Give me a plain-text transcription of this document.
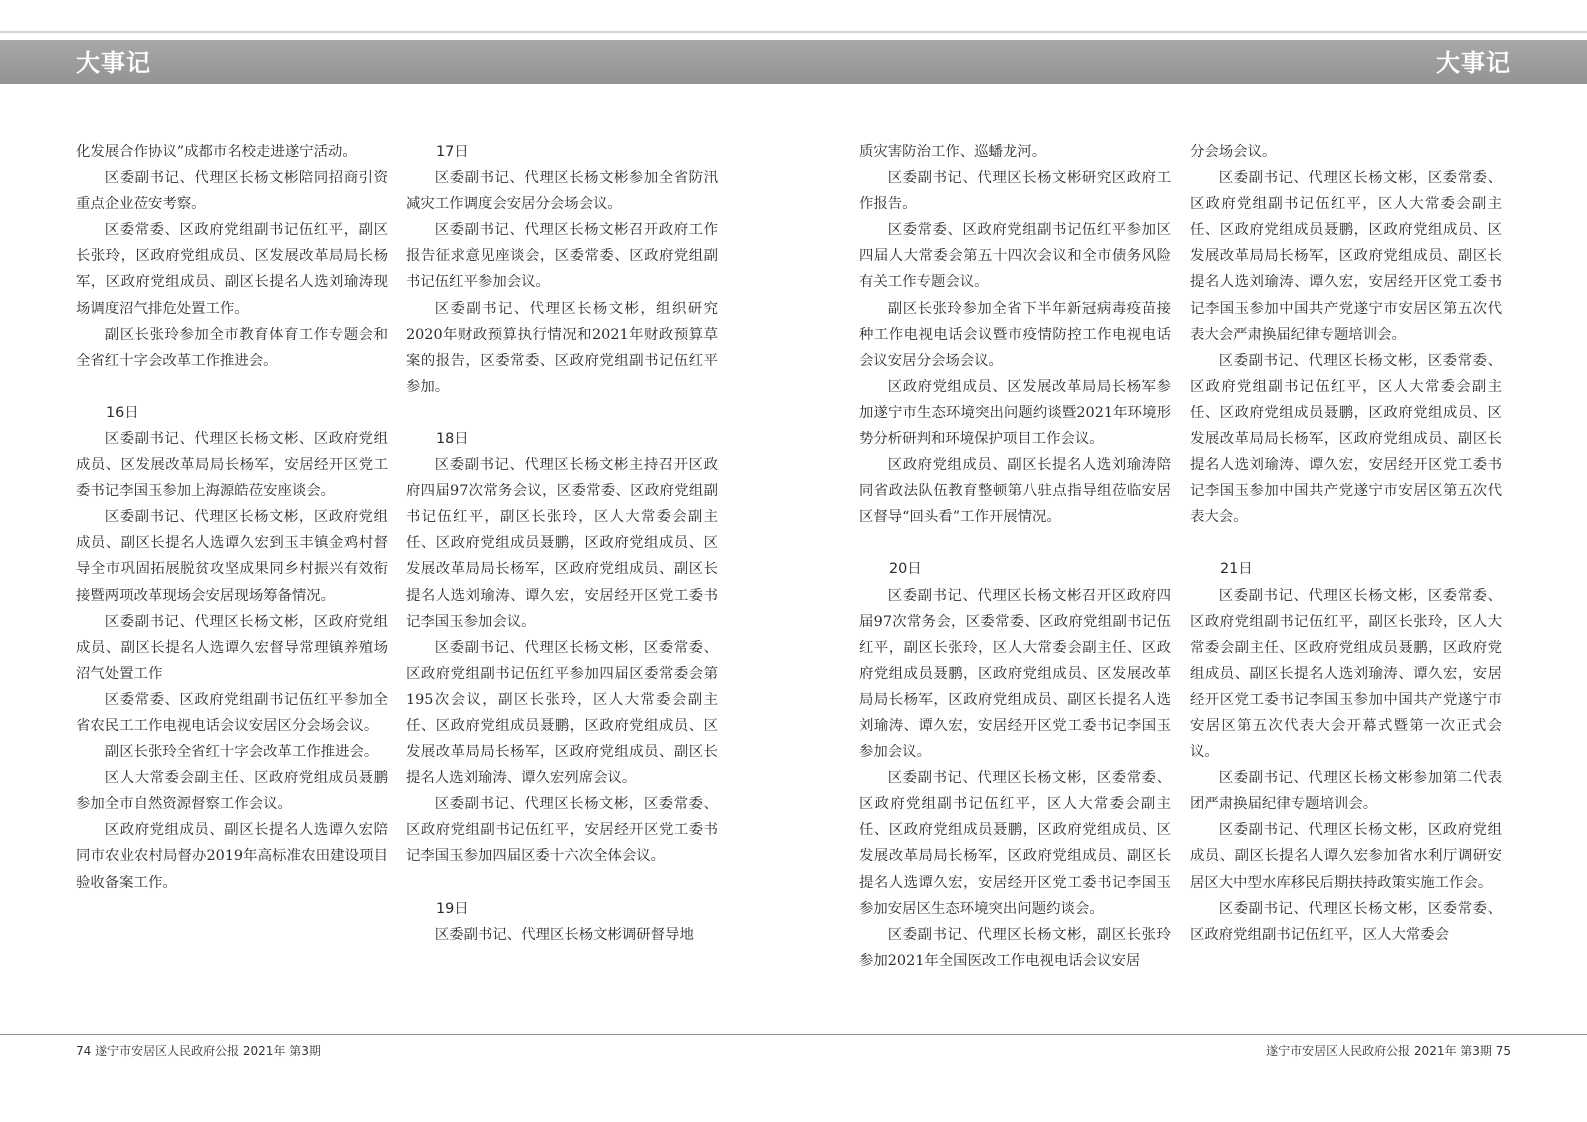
大事记	大事记

化发展合作协议”成都市名校走进遂宁活动。

区委副书记、代理区长杨文彬陪同招商引资重点企业莅安考察。

区委常委、区政府党组副书记伍红平，副区长张玲，区政府党组成员、区发展改革局局长杨军，区政府党组成员、副区长提名人选刘瑜涛现场调度沼气排危处置工作。

副区长张玲参加全市教育体育工作专题会和全省红十字会改革工作推进会。

16日

区委副书记、代理区长杨文彬、区政府党组成员、区发展改革局局长杨军，安居经开区党工委书记李国玉参加上海源皓莅安座谈会。

区委副书记、代理区长杨文彬，区政府党组成员、副区长提名人选谭久宏到玉丰镇金鸡村督导全市巩固拓展脱贫攻坚成果同乡村振兴有效衔接暨两项改革现场会安居现场筹备情况。

区委副书记、代理区长杨文彬，区政府党组成员、副区长提名人选谭久宏督导常理镇养殖场沼气处置工作

区委常委、区政府党组副书记伍红平参加全省农民工工作电视电话会议安居区分会场会议。

副区长张玲全省红十字会改革工作推进会。

区人大常委会副主任、区政府党组成员聂鹏参加全市自然资源督察工作会议。

区政府党组成员、副区长提名人选谭久宏陪同市农业农村局督办2019年高标准农田建设项目验收备案工作。

17日

区委副书记、代理区长杨文彬参加全省防汛减灾工作调度会安居分会场会议。

区委副书记、代理区长杨文彬召开政府工作报告征求意见座谈会，区委常委、区政府党组副书记伍红平参加会议。

区委副书记、代理区长杨文彬，组织研究2020年财政预算执行情况和2021年财政预算草案的报告，区委常委、区政府党组副书记伍红平参加。

18日

区委副书记、代理区长杨文彬主持召开区政府四届97次常务会议，区委常委、区政府党组副书记伍红平，副区长张玲，区人大常委会副主任、区政府党组成员聂鹏，区政府党组成员、区发展改革局局长杨军，区政府党组成员、副区长提名人选刘瑜涛、谭久宏，安居经开区党工委书记李国玉参加会议。

区委副书记、代理区长杨文彬，区委常委、区政府党组副书记伍红平参加四届区委常委会第195次会议，副区长张玲，区人大常委会副主任、区政府党组成员聂鹏，区政府党组成员、区发展改革局局长杨军，区政府党组成员、副区长提名人选刘瑜涛、谭久宏列席会议。

区委副书记、代理区长杨文彬，区委常委、区政府党组副书记伍红平，安居经开区党工委书记李国玉参加四届区委十六次全体会议。

19日

区委副书记、代理区长杨文彬调研督导地

质灾害防治工作、巡蟠龙河。

区委副书记、代理区长杨文彬研究区政府工作报告。

区委常委、区政府党组副书记伍红平参加区四届人大常委会第五十四次会议和全市债务风险有关工作专题会议。

副区长张玲参加全省下半年新冠病毒疫苗接种工作电视电话会议暨市疫情防控工作电视电话会议安居分会场会议。

区政府党组成员、区发展改革局局长杨军参加遂宁市生态环境突出问题约谈暨2021年环境形势分析研判和环境保护项目工作会议。

区政府党组成员、副区长提名人选刘瑜涛陪同省政法队伍教育整顿第八驻点指导组莅临安居区督导“回头看”工作开展情况。

20日

区委副书记、代理区长杨文彬召开区政府四届97次常务会，区委常委、区政府党组副书记伍红平，副区长张玲，区人大常委会副主任、区政府党组成员聂鹏，区政府党组成员、区发展改革局局长杨军，区政府党组成员、副区长提名人选刘瑜涛、谭久宏，安居经开区党工委书记李国玉参加会议。

区委副书记、代理区长杨文彬，区委常委、区政府党组副书记伍红平，区人大常委会副主任、区政府党组成员聂鹏，区政府党组成员、区发展改革局局长杨军，区政府党组成员、副区长提名人选谭久宏，安居经开区党工委书记李国玉参加安居区生态环境突出问题约谈会。

区委副书记、代理区长杨文彬，副区长张玲参加2021年全国医改工作电视电话会议安居

分会场会议。

区委副书记、代理区长杨文彬，区委常委、区政府党组副书记伍红平，区人大常委会副主任、区政府党组成员聂鹏，区政府党组成员、区发展改革局局长杨军，区政府党组成员、副区长提名人选刘瑜涛、谭久宏，安居经开区党工委书记李国玉参加中国共产党遂宁市安居区第五次代表大会严肃换届纪律专题培训会。

区委副书记、代理区长杨文彬，区委常委、区政府党组副书记伍红平，区人大常委会副主任、区政府党组成员聂鹏，区政府党组成员、区发展改革局局长杨军，区政府党组成员、副区长提名人选刘瑜涛、谭久宏，安居经开区党工委书记李国玉参加中国共产党遂宁市安居区第五次代表大会。

21日

区委副书记、代理区长杨文彬，区委常委、区政府党组副书记伍红平，副区长张玲，区人大常委会副主任、区政府党组成员聂鹏，区政府党组成员、副区长提名人选刘瑜涛、谭久宏，安居经开区党工委书记李国玉参加中国共产党遂宁市安居区第五次代表大会开幕式暨第一次正式会议。

区委副书记、代理区长杨文彬参加第二代表团严肃换届纪律专题培训会。

区委副书记、代理区长杨文彬，区政府党组成员、副区长提名人谭久宏参加省水利厅调研安居区大中型水库移民后期扶持政策实施工作会。

区委副书记、代理区长杨文彬，区委常委、区政府党组副书记伍红平，区人大常委会

74 遂宁市安居区人民政府公报 2021年 第3期	遂宁市安居区人民政府公报 2021年 第3期 75
